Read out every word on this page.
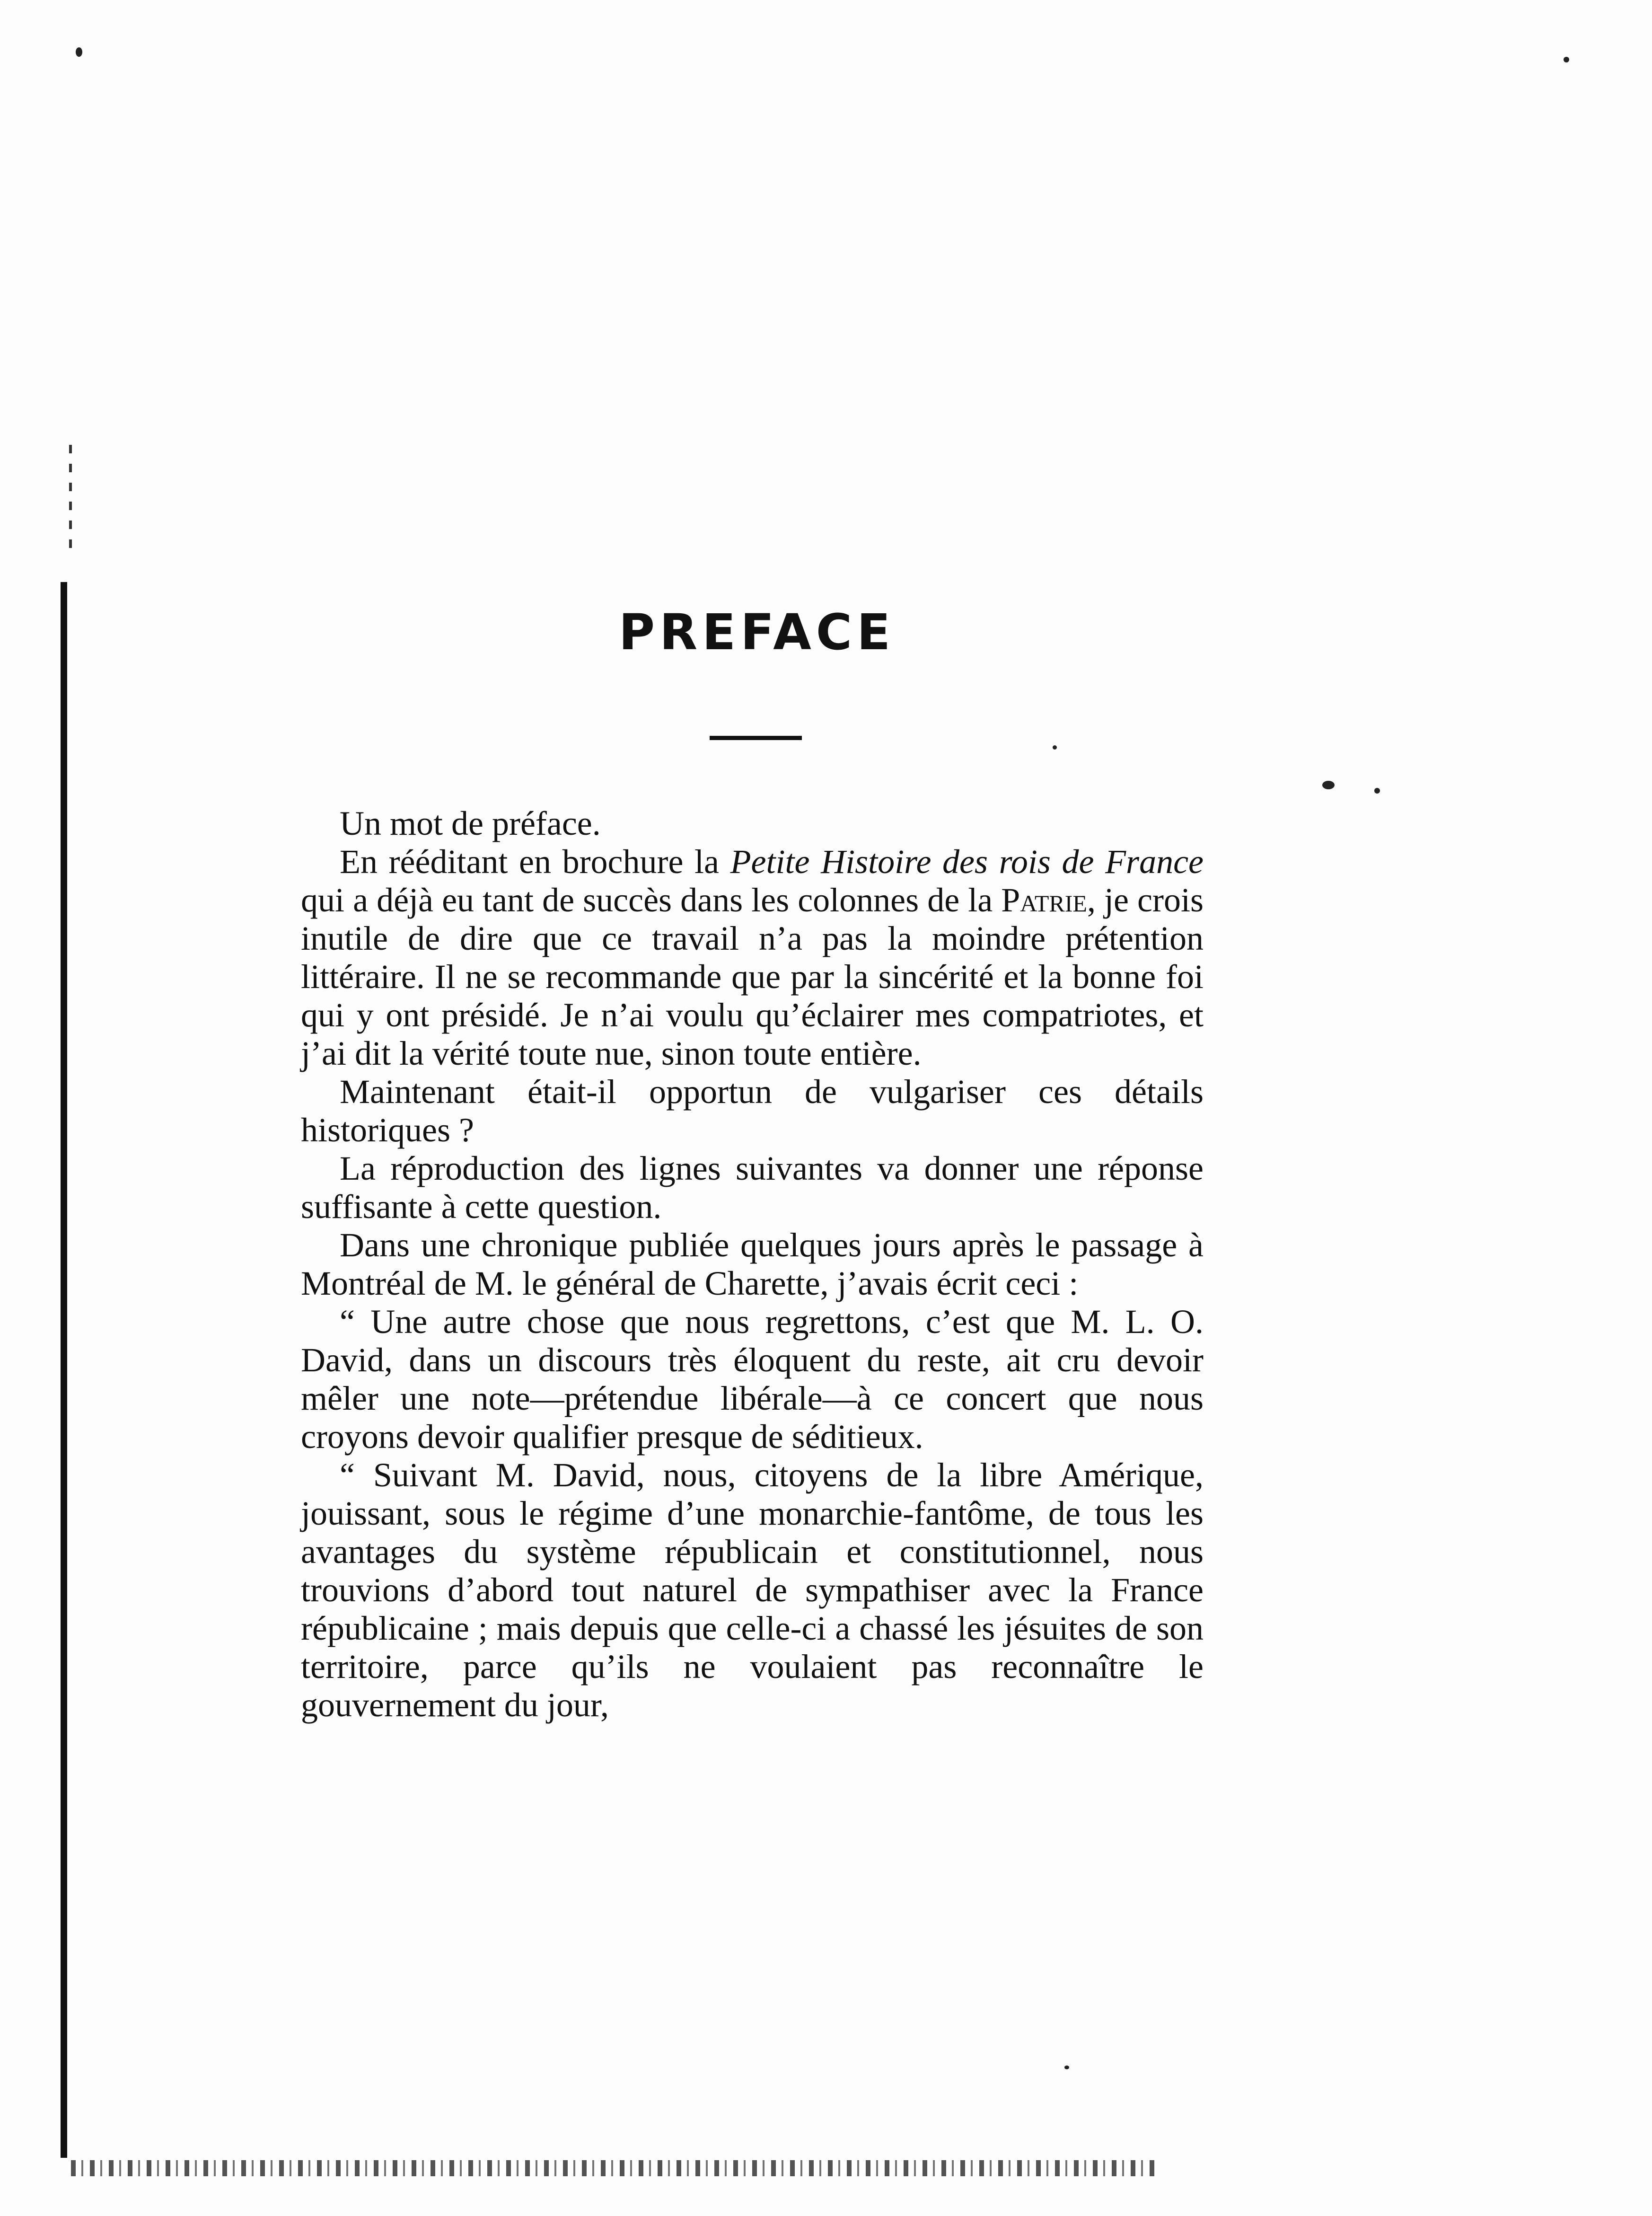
PREFACE

Un mot de préface.

En rééditant en brochure la Petite Histoire des rois de France qui a déjà eu tant de succès dans les colonnes de la Patrie, je crois inutile de dire que ce travail n’a pas la moindre prétention littéraire. Il ne se recommande que par la sincérité et la bonne foi qui y ont présidé. Je n’ai voulu qu’éclairer mes compatriotes, et j’ai dit la vérité toute nue, sinon toute entière.

Maintenant était-il opportun de vulgariser ces détails historiques ?

La réproduction des lignes suivantes va donner une réponse suffisante à cette question.

Dans une chronique publiée quelques jours après le passage à Montréal de M. le général de Charette, j’avais écrit ceci :

“ Une autre chose que nous regrettons, c’est que M. L. O. David, dans un discours très éloquent du reste, ait cru devoir mêler une note—prétendue libérale—à ce concert que nous croyons devoir qualifier presque de séditieux.

“ Suivant M. David, nous, citoyens de la libre Amérique, jouissant, sous le régime d’une monarchie-fantôme, de tous les avantages du système républicain et constitutionnel, nous trouvions d’abord tout naturel de sympathiser avec la France républicaine ; mais depuis que celle-ci a chassé les jésuites de son territoire, parce qu’ils ne voulaient pas reconnaître le gouvernement du jour,
